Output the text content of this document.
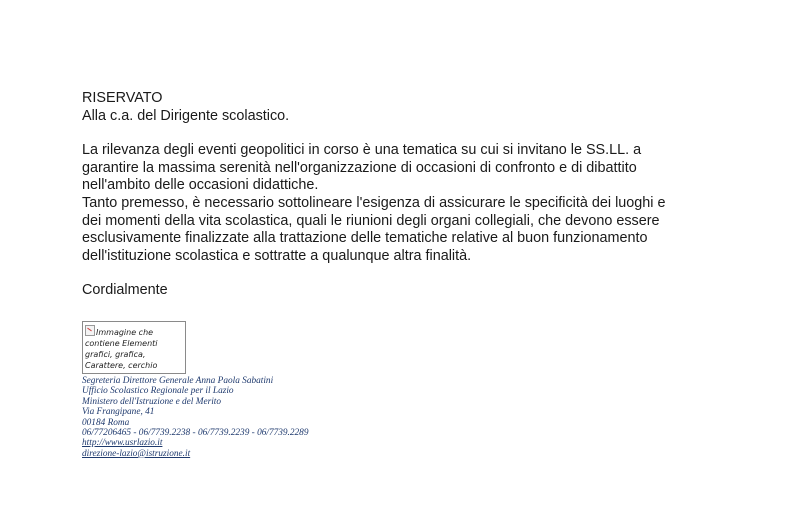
RISERVATO

Alla c.a. del Dirigente scolastico.

La rilevanza degli eventi geopolitici in corso è una tematica su cui si invitano le SS.LL. a

garantire la massima serenità nell'organizzazione di occasioni di confronto e di dibattito

nell'ambito delle occasioni didattiche.

Tanto premesso, è necessario sottolineare l'esigenza di assicurare le specificità dei luoghi e

dei momenti della vita scolastica, quali le riunioni degli organi collegiali, che devono essere

esclusivamente finalizzate alla trattazione delle tematiche relative al buon funzionamento

dell'istituzione scolastica e sottratte a qualunque altra finalità.

Cordialmente

Immagine che contiene Elementi grafici, grafica, Carattere, cerchio
Segreteria Direttore Generale Anna Paola Sabatini
Ufficio Scolastico Regionale per il Lazio
Ministero dell'Istruzione e del Merito
Via Frangipane, 41
00184 Roma
06/77206465 - 06/7739.2238 - 06/7739.2239 - 06/7739.2289
http://www.usrlazio.it
direzione-lazio@istruzione.it
